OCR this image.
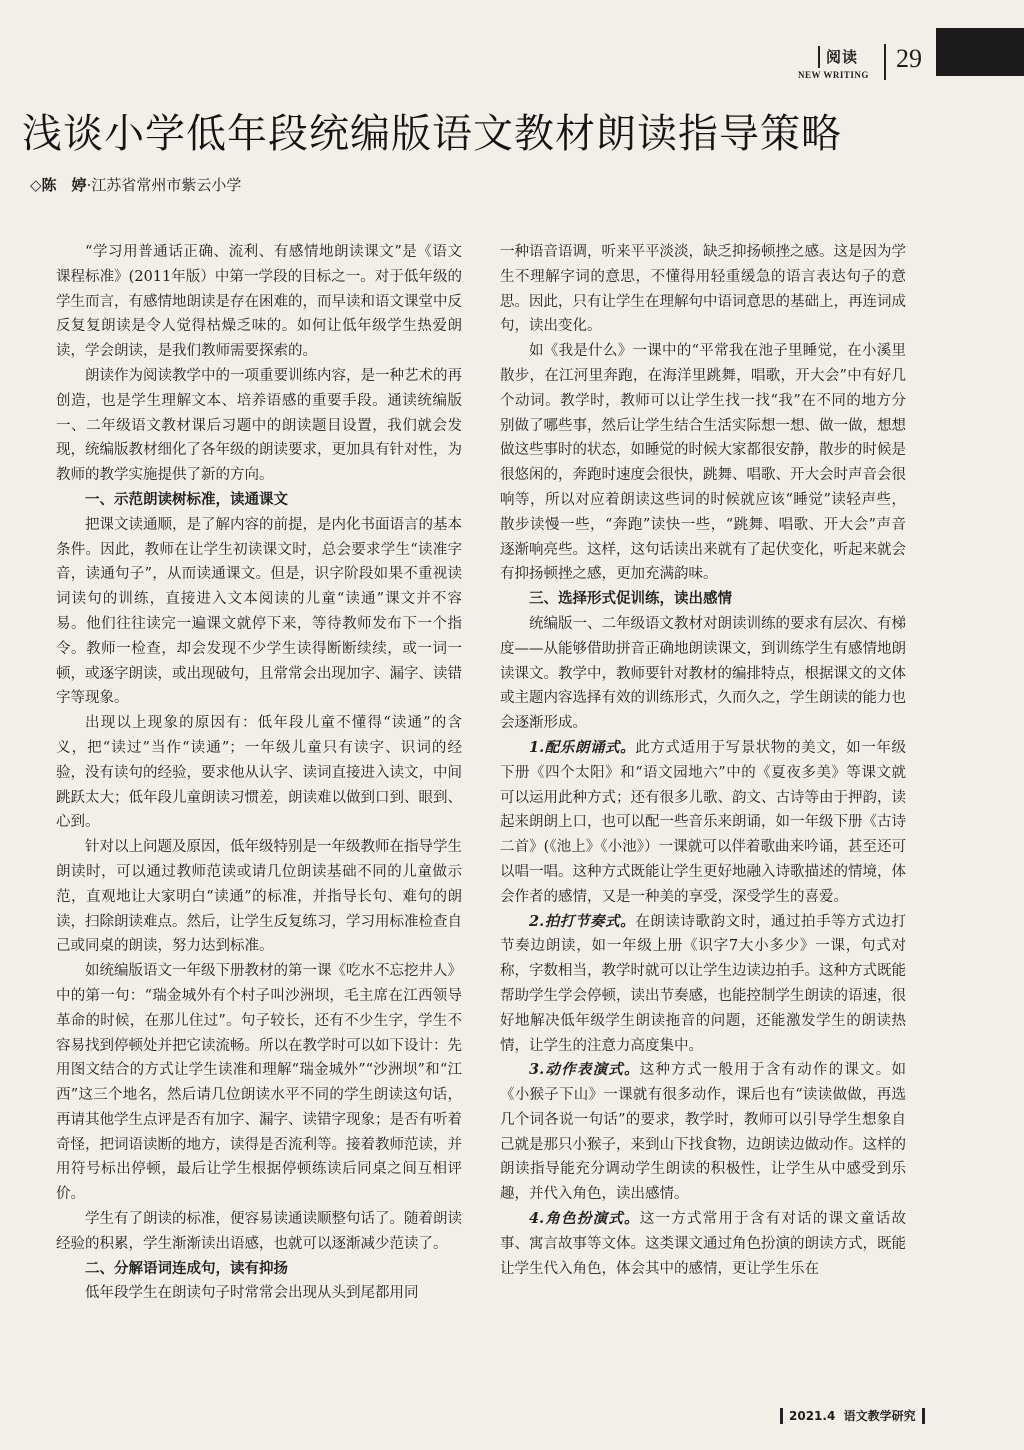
阅读
NEW WRITING
29
浅谈小学低年段统编版语文教材朗读指导策略
◇陈　婷·江苏省常州市紫云小学

“学习用普通话正确、流利、有感情地朗读课文”是《语文课程标准》(2011年版）中第一学段的目标之一。对于低年级的学生而言，有感情地朗读是存在困难的，而早读和语文课堂中反反复复朗读是令人觉得枯燥乏味的。如何让低年级学生热爱朗读，学会朗读，是我们教师需要探索的。

朗读作为阅读教学中的一项重要训练内容，是一种艺术的再创造，也是学生理解文本、培养语感的重要手段。通读统编版一、二年级语文教材课后习题中的朗读题目设置，我们就会发现，统编版教材细化了各年级的朗读要求，更加具有针对性，为教师的教学实施提供了新的方向。

一、示范朗读树标准，读通课文

把课文读通顺，是了解内容的前提，是内化书面语言的基本条件。因此，教师在让学生初读课文时，总会要求学生“读准字音，读通句子”，从而读通课文。但是，识字阶段如果不重视读词读句的训练，直接进入文本阅读的儿童“读通”课文并不容易。他们往往读完一遍课文就停下来，等待教师发布下一个指令。教师一检查，却会发现不少学生读得断断续续，或一词一顿，或逐字朗读，或出现破句，且常常会出现加字、漏字、读错字等现象。

出现以上现象的原因有：低年段儿童不懂得“读通”的含义，把“读过”当作“读通”；一年级儿童只有读字、识词的经验，没有读句的经验，要求他从认字、读词直接进入读文，中间跳跃太大；低年段儿童朗读习惯差，朗读难以做到口到、眼到、心到。

针对以上问题及原因，低年级特别是一年级教师在指导学生朗读时，可以通过教师范读或请几位朗读基础不同的儿童做示范，直观地让大家明白“读通”的标准，并指导长句、难句的朗读，扫除朗读难点。然后，让学生反复练习，学习用标准检查自己或同桌的朗读，努力达到标准。

如统编版语文一年级下册教材的第一课《吃水不忘挖井人》中的第一句：“瑞金城外有个村子叫沙洲坝，毛主席在江西领导革命的时候，在那儿住过”。句子较长，还有不少生字，学生不容易找到停顿处并把它读流畅。所以在教学时可以如下设计：先用图文结合的方式让学生读准和理解“瑞金城外”“沙洲坝”和“江西”这三个地名，然后请几位朗读水平不同的学生朗读这句话，再请其他学生点评是否有加字、漏字、读错字现象；是否有听着奇怪，把词语读断的地方，读得是否流利等。接着教师范读，并用符号标出停顿，最后让学生根据停顿练读后同桌之间互相评价。

学生有了朗读的标准，便容易读通读顺整句话了。随着朗读经验的积累，学生渐渐读出语感，也就可以逐渐减少范读了。

二、分解语词连成句，读有抑扬

低年段学生在朗读句子时常常会出现从头到尾都用同

一种语音语调，听来平平淡淡，缺乏抑扬顿挫之感。这是因为学生不理解字词的意思，不懂得用轻重缓急的语言表达句子的意思。因此，只有让学生在理解句中语词意思的基础上，再连词成句，读出变化。

如《我是什么》一课中的“平常我在池子里睡觉，在小溪里散步，在江河里奔跑，在海洋里跳舞，唱歌，开大会”中有好几个动词。教学时，教师可以让学生找一找“我”在不同的地方分别做了哪些事，然后让学生结合生活实际想一想、做一做，想想做这些事时的状态，如睡觉的时候大家都很安静，散步的时候是很悠闲的，奔跑时速度会很快，跳舞、唱歌、开大会时声音会很响等，所以对应着朗读这些词的时候就应该“睡觉”读轻声些，散步读慢一些，“奔跑”读快一些，“跳舞、唱歌、开大会”声音逐渐响亮些。这样，这句话读出来就有了起伏变化，听起来就会有抑扬顿挫之感，更加充满韵味。

三、选择形式促训练，读出感情

统编版一、二年级语文教材对朗读训练的要求有层次、有梯度——从能够借助拼音正确地朗读课文，到训练学生有感情地朗读课文。教学中，教师要针对教材的编排特点，根据课文的文体或主题内容选择有效的训练形式，久而久之，学生朗读的能力也会逐渐形成。

1.配乐朗诵式。此方式适用于写景状物的美文，如一年级下册《四个太阳》和“语文园地六”中的《夏夜多美》等课文就可以运用此种方式；还有很多儿歌、韵文、古诗等由于押韵，读起来朗朗上口，也可以配一些音乐来朗诵，如一年级下册《古诗二首》(《池上》《小池》）一课就可以伴着歌曲来吟诵，甚至还可以唱一唱。这种方式既能让学生更好地融入诗歌描述的情境，体会作者的感情，又是一种美的享受，深受学生的喜爱。

2.拍打节奏式。在朗读诗歌韵文时，通过拍手等方式边打节奏边朗读，如一年级上册《识字7大小多少》一课，句式对称，字数相当，教学时就可以让学生边读边拍手。这种方式既能帮助学生学会停顿，读出节奏感，也能控制学生朗读的语速，很好地解决低年级学生朗读拖音的问题，还能激发学生的朗读热情，让学生的注意力高度集中。

3.动作表演式。这种方式一般用于含有动作的课文。如《小猴子下山》一课就有很多动作，课后也有“读读做做，再选几个词各说一句话”的要求，教学时，教师可以引导学生想象自己就是那只小猴子，来到山下找食物，边朗读边做动作。这样的朗读指导能充分调动学生朗读的积极性，让学生从中感受到乐趣，并代入角色，读出感情。

4.角色扮演式。这一方式常用于含有对话的课文童话故事、寓言故事等文体。这类课文通过角色扮演的朗读方式，既能让学生代入角色，体会其中的感情，更让学生乐在

2021.4 语文教学研究
